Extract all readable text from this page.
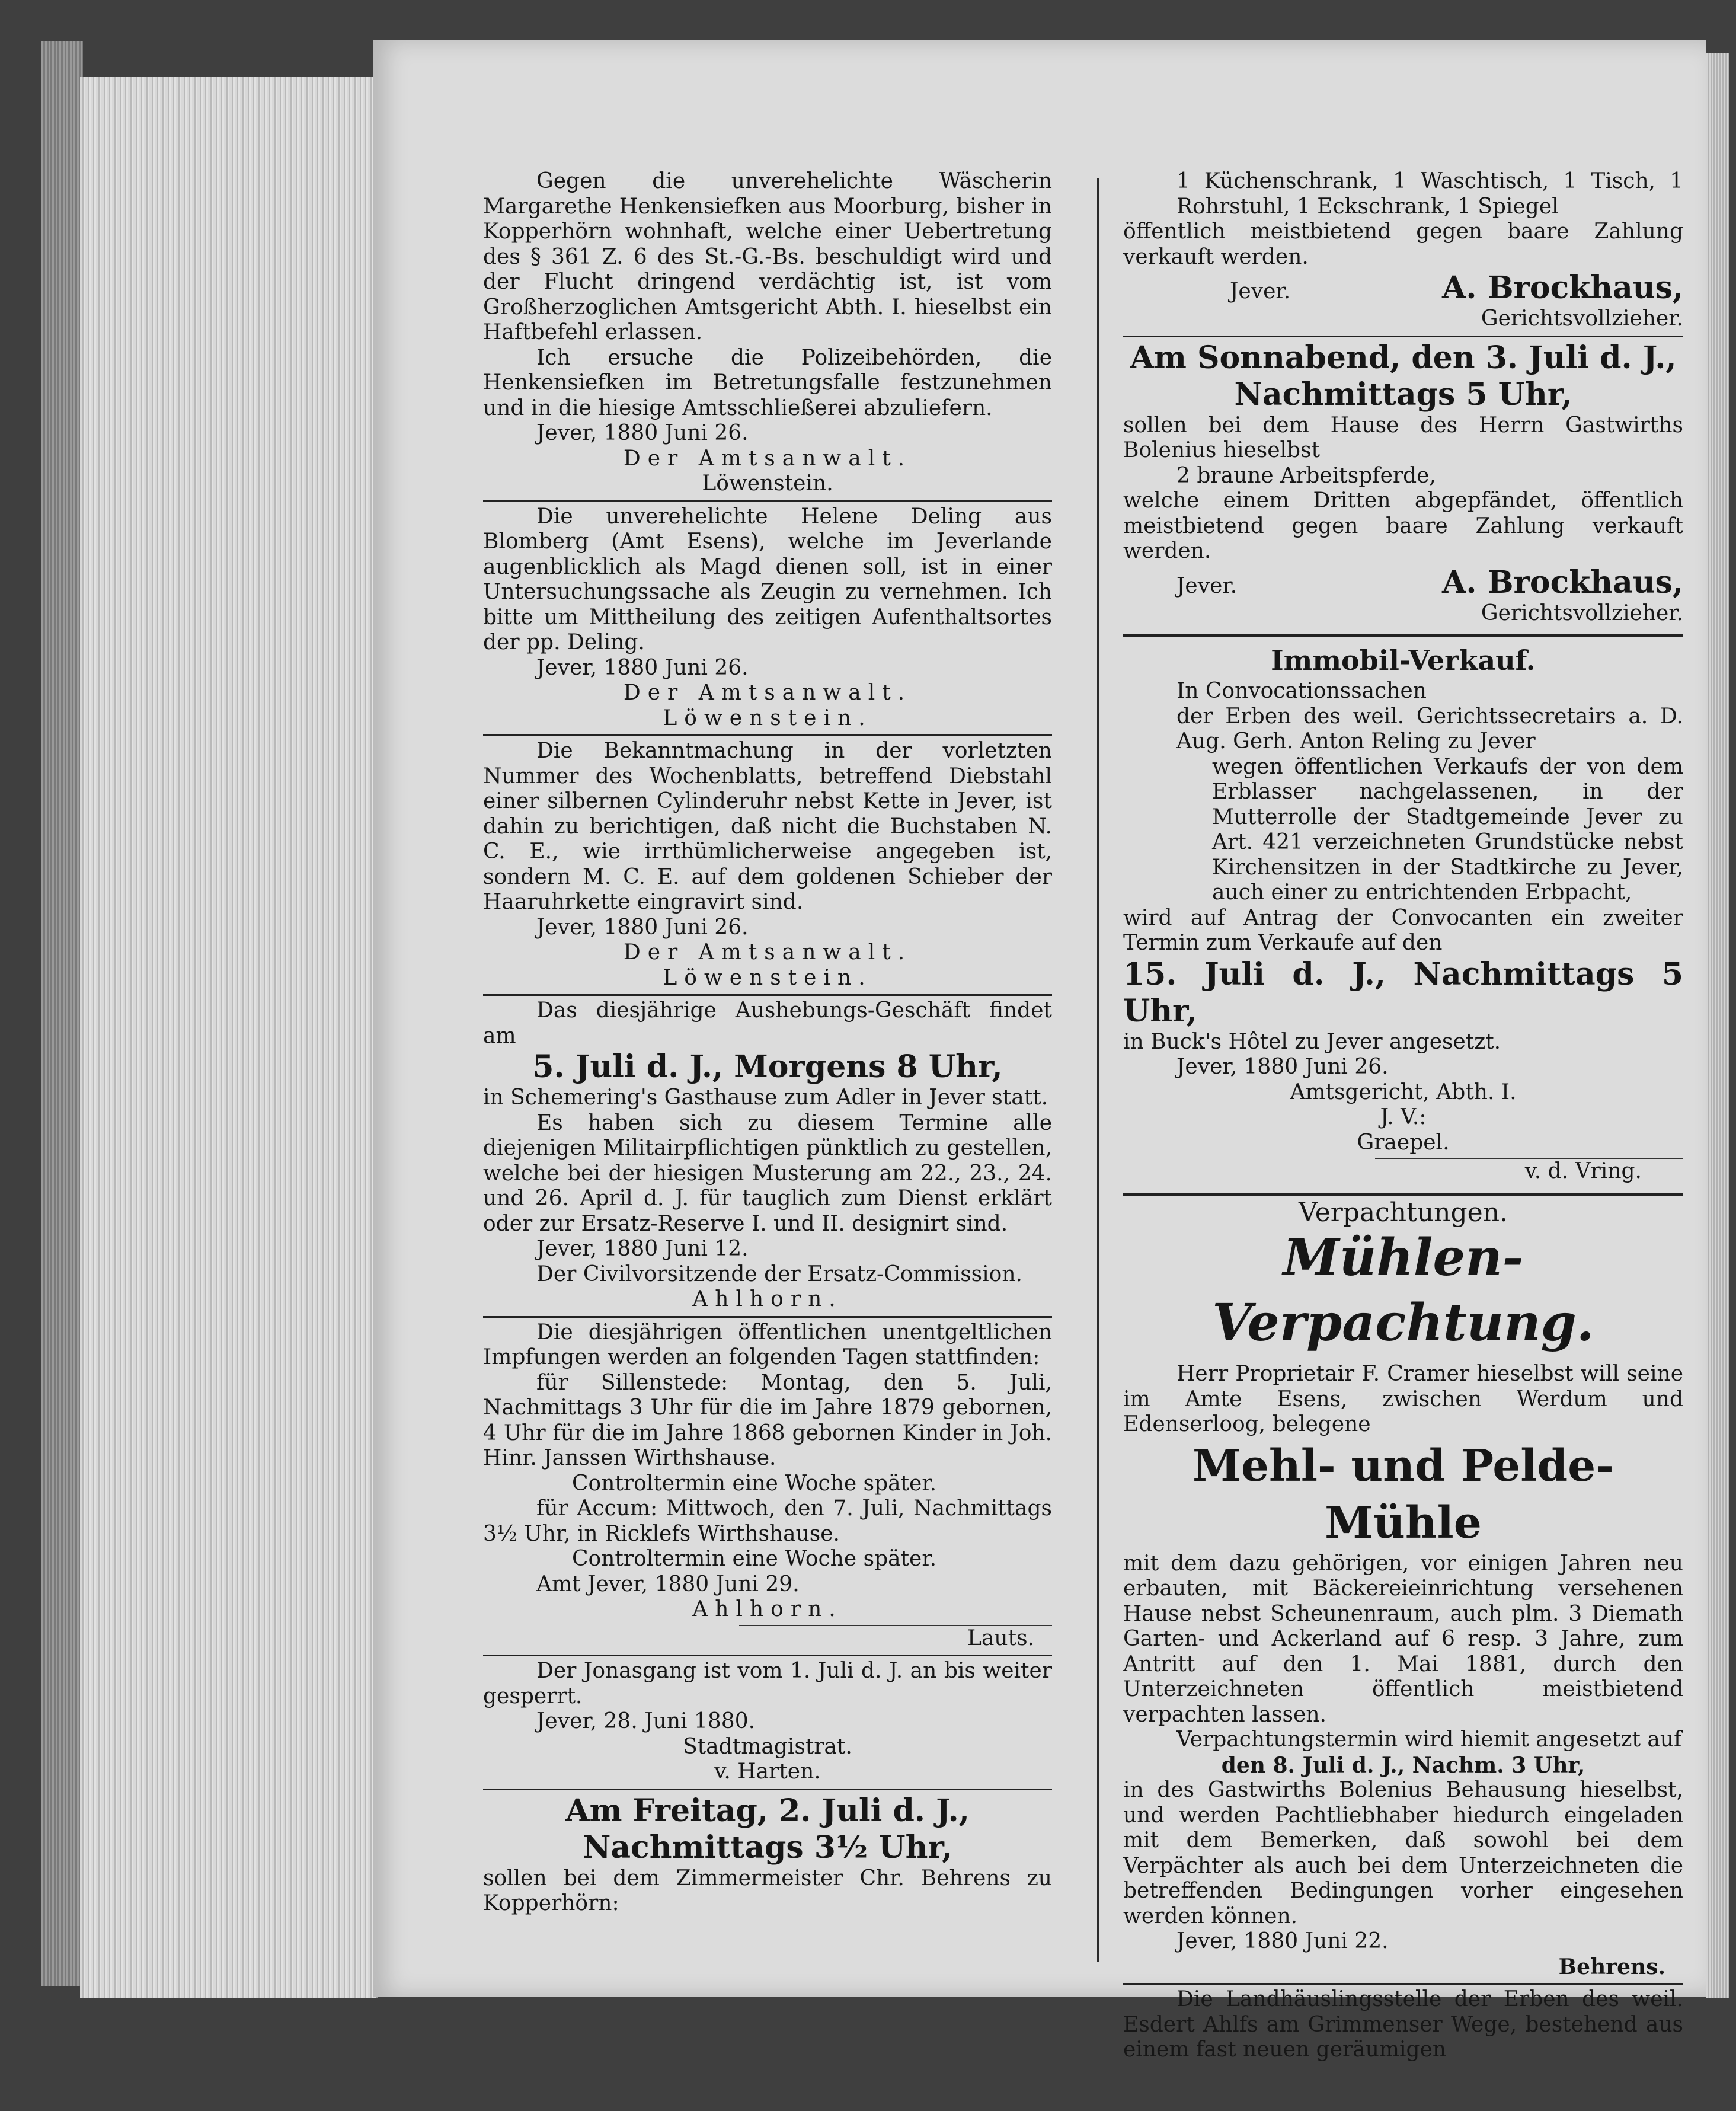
Gegen die unverehelichte Wäscherin Margarethe Henkensiefken aus Moorburg, bisher in Kopperhörn wohnhaft, welche einer Uebertretung des § 361 Z. 6 des St.-G.-Bs. beschuldigt wird und der Flucht dringend verdächtig ist, ist vom Großherzoglichen Amtsgericht Abth. I. hieselbst ein Haftbefehl erlassen.

Ich ersuche die Polizeibehörden, die Henkensiefken im Betretungsfalle festzunehmen und in die hiesige Amtsschließerei abzuliefern.

Jever, 1880 Juni 26.

Der Amtsanwalt.

Löwenstein.

Die unverehelichte Helene Deling aus Blomberg (Amt Esens), welche im Jeverlande augenblicklich als Magd dienen soll, ist in einer Untersuchungssache als Zeugin zu vernehmen. Ich bitte um Mittheilung des zeitigen Aufenthaltsortes der pp. Deling.

Jever, 1880 Juni 26.

Der Amtsanwalt.

Löwenstein.

Die Bekanntmachung in der vorletzten Nummer des Wochenblatts, betreffend Diebstahl einer silbernen Cylinderuhr nebst Kette in Jever, ist dahin zu berichtigen, daß nicht die Buchstaben N. C. E., wie irrthümlicherweise angegeben ist, sondern M. C. E. auf dem goldenen Schieber der Haaruhrkette eingravirt sind.

Jever, 1880 Juni 26.

Der Amtsanwalt.

Löwenstein.

Das diesjährige Aushebungs-Geschäft findet am

5. Juli d. J., Morgens 8 Uhr,

in Schemering's Gasthause zum Adler in Jever statt.

Es haben sich zu diesem Termine alle diejenigen Militairpflichtigen pünktlich zu gestellen, welche bei der hiesigen Musterung am 22., 23., 24. und 26. April d. J. für tauglich zum Dienst erklärt oder zur Ersatz-Reserve I. und II. designirt sind.

Jever, 1880 Juni 12.

Der Civilvorsitzende der Ersatz-Commission.

Ahlhorn.

Die diesjährigen öffentlichen unentgeltlichen Impfungen werden an folgenden Tagen stattfinden:

für Sillenstede: Montag, den 5. Juli, Nachmittags 3 Uhr für die im Jahre 1879 gebornen, 4 Uhr für die im Jahre 1868 gebornen Kinder in Joh. Hinr. Janssen Wirthshause.

Controltermin eine Woche später.

für Accum: Mittwoch, den 7. Juli, Nachmittags 3½ Uhr, in Ricklefs Wirthshause.

Controltermin eine Woche später.

Amt Jever, 1880 Juni 29.

Ahlhorn.

Lauts.

Der Jonasgang ist vom 1. Juli d. J. an bis weiter gesperrt.

Jever, 28. Juni 1880.

Stadtmagistrat.

v. Harten.

Am Freitag, 2. Juli d. J.,

Nachmittags 3½ Uhr,

sollen bei dem Zimmermeister Chr. Behrens zu Kopperhörn:

1 Küchenschrank, 1 Waschtisch, 1 Tisch, 1 Rohrstuhl, 1 Eckschrank, 1 Spiegel

öffentlich meistbietend gegen baare Zahlung verkauft werden.

Jever.	A. Brockhaus,

Gerichtsvollzieher.

Am Sonnabend, den 3. Juli d. J.,

Nachmittags 5 Uhr,

sollen bei dem Hause des Herrn Gastwirths Bolenius hieselbst

2 braune Arbeitspferde,

welche einem Dritten abgepfändet, öffentlich meistbietend gegen baare Zahlung verkauft werden.

Jever.	A. Brockhaus,

Gerichtsvollzieher.

Immobil-Verkauf.

In Convocationssachen

der Erben des weil. Gerichtssecretairs a. D. Aug. Gerh. Anton Reling zu Jever

wegen öffentlichen Verkaufs der von dem Erblasser nachgelassenen, in der Mutterrolle der Stadtgemeinde Jever zu Art. 421 verzeichneten Grundstücke nebst Kirchensitzen in der Stadtkirche zu Jever, auch einer zu entrichtenden Erbpacht,

wird auf Antrag der Convocanten ein zweiter Termin zum Verkaufe auf den

15. Juli d. J., Nachmittags 5 Uhr,

in Buck's Hôtel zu Jever angesetzt.

Jever, 1880 Juni 26.

Amtsgericht, Abth. I.

J. V.:

Graepel.

v. d. Vring.

Verpachtungen.

Mühlen-Verpachtung.

Herr Proprietair F. Cramer hieselbst will seine im Amte Esens, zwischen Werdum und Edenserloog, belegene

Mehl- und Pelde-Mühle

mit dem dazu gehörigen, vor einigen Jahren neu erbauten, mit Bäckereieinrichtung versehenen Hause nebst Scheunenraum, auch plm. 3 Diemath Garten- und Ackerland auf 6 resp. 3 Jahre, zum Antritt auf den 1. Mai 1881, durch den Unterzeichneten öffentlich meistbietend verpachten lassen.

Verpachtungstermin wird hiemit angesetzt auf

den 8. Juli d. J., Nachm. 3 Uhr,

in des Gastwirths Bolenius Behausung hieselbst, und werden Pachtliebhaber hiedurch eingeladen mit dem Bemerken, daß sowohl bei dem Verpächter als auch bei dem Unterzeichneten die betreffenden Bedingungen vorher eingesehen werden können.

Jever, 1880 Juni 22.

Behrens.

Die Landhäuslingsstelle der Erben des weil. Esdert Ahlfs am Grimmenser Wege, bestehend aus einem fast neuen geräumigen
